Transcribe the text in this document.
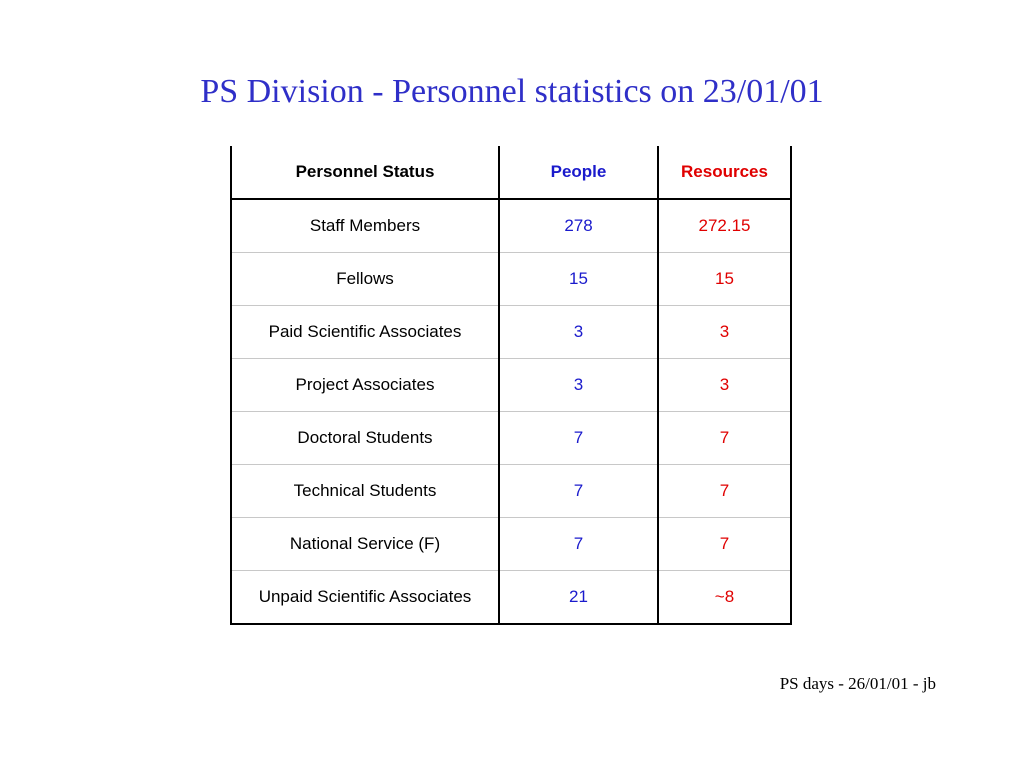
PS Division - Personnel statistics on 23/01/01
Personnel Status	People	Resources
Staff Members	278	272.15
Fellows	15	15
Paid Scientific Associates	3	3
Project Associates	3	3
Doctoral Students	7	7
Technical Students	7	7
National Service (F)	7	7
Unpaid Scientific Associates	21	~8
PS days - 26/01/01 - jb
